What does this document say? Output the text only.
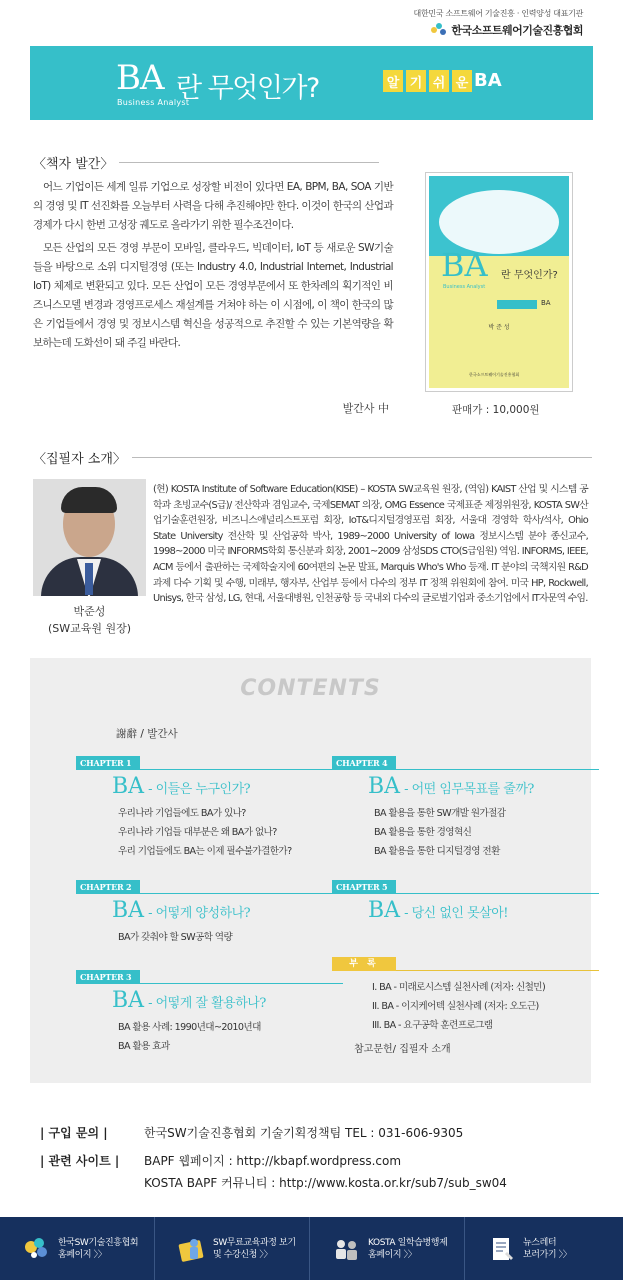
대한민국 소프트웨어 기술진흥 · 인력양성 대표기관
한국소프트웨어기술진흥협회
BA 란 무엇인가?
Business Analyst
알 기 쉬 운 BA
〈책자 발간〉

어느 기업이든 세계 일류 기업으로 성장할 비전이 있다면 EA, BPM, BA, SOA 기반의 경영 및 IT 선진화를 오늘부터 사력을 다해 추진해야만 한다. 이것이 한국의 산업과 경제가 다시 한번 고성장 궤도로 올라가기 위한 필수조건이다.

모든 산업의 모든 경영 부문이 모바일, 클라우드, 빅데이터, IoT 등 새로운 SW기술들을 바탕으로 소위 디지털경영 (또는 Industry 4.0, Industrial Internet, Industrial IoT) 체제로 변환되고 있다. 모든 산업이 모든 경영부문에서 또 한차례의 획기적인 비즈니스모델 변경과 경영프로세스 재설계를 거쳐야 하는 이 시점에, 이 책이 한국의 많은 기업들에서 경영 및 정보시스템 혁신을 성공적으로 추진할 수 있는 기본역량을 확보하는데 도화선이 돼 주길 바란다.

발간사 中
BA 란 무엇인가?
Business Analyst
BA
박 준 성
한국소프트웨어기술진흥협회
판매가 : 10,000원
〈집필자 소개〉
박준성
(SW교육원 원장)
(현) KOSTA Institute of Software Education(KISE) – KOSTA SW교육원 원장, (역임) KAIST 산업 및 시스템 공학과 초빙교수(S급)/ 전산학과 겸임교수, 국제SEMAT 의장, OMG Essence 국제표준 제정위원장, KOSTA SW산업기술훈련원장, 비즈니스애널리스트포럼 회장, IoT&디지털경영포럼 회장, 서울대 경영학 학사/석사, Ohio State University 전산학 및 산업공학 박사, 1989~2000 University of Iowa 정보시스템 분야 종신교수, 1998~2000 미국 INFORMS학회 통신분과 회장, 2001~2009 삼성SDS CTO(S급임원) 역임. INFORMS, IEEE, ACM 등에서 출판하는 국제학술지에 60여편의 논문 발표, Marquis Who's Who 등재. IT 분야의 국책지원 R&D과제 다수 기획 및 수행, 미래부, 행자부, 산업부 등에서 다수의 정부 IT 정책 위원회에 참여. 미국 HP, Rockwell, Unisys, 한국 삼성, LG, 현대, 서울대병원, 인천공항 등 국내외 다수의 글로벌기업과 중소기업에서 IT자문역 수임.
CONTENTS
謝辭 / 발간사
CHAPTER 1
BA - 이들은 누구인가?
우리나라 기업들에도 BA가 있나?
우리나라 기업들 대부분은 왜 BA가 없나?
우리 기업들에도 BA는 이제 필수불가결한가?
CHAPTER 2
BA - 어떻게 양성하나?
BA가 갖춰야 할 SW공학 역량
CHAPTER 3
BA - 어떻게 잘 활용하나?
BA 활용 사례: 1990년대~2010년대
BA 활용 효과
CHAPTER 4
BA - 어떤 임무목표를 줄까?
BA 활용을 통한 SW개발 원가절감
BA 활용을 통한 경영혁신
BA 활용을 통한 디지털경영 전환
CHAPTER 5
BA - 당신 없인 못살아!
부 록
I. BA - 미래로시스템 실천사례 (저자: 신철민)
II. BA - 이지케어텍 실천사례 (저자: 오도근)
III. BA - 요구공학 훈련프로그램
참고문헌/ 집필자 소개
| 구입 문의 |	한국SW기술진흥협회 기술기획정책팀 TEL : 031-606-9305
| 관련 사이트 |	BAPF 웹페이지 : http://kbapf.wordpress.com
KOSTA BAPF 커뮤니티 : http://www.kosta.or.kr/sub7/sub_sw04
한국SW기술진흥협회
홈페이지 〉〉
SW무료교육과정 보기
및 수강신청 〉〉
KOSTA 일학습병행제
홈페이지 〉〉
뉴스레터
보러가기 〉〉
